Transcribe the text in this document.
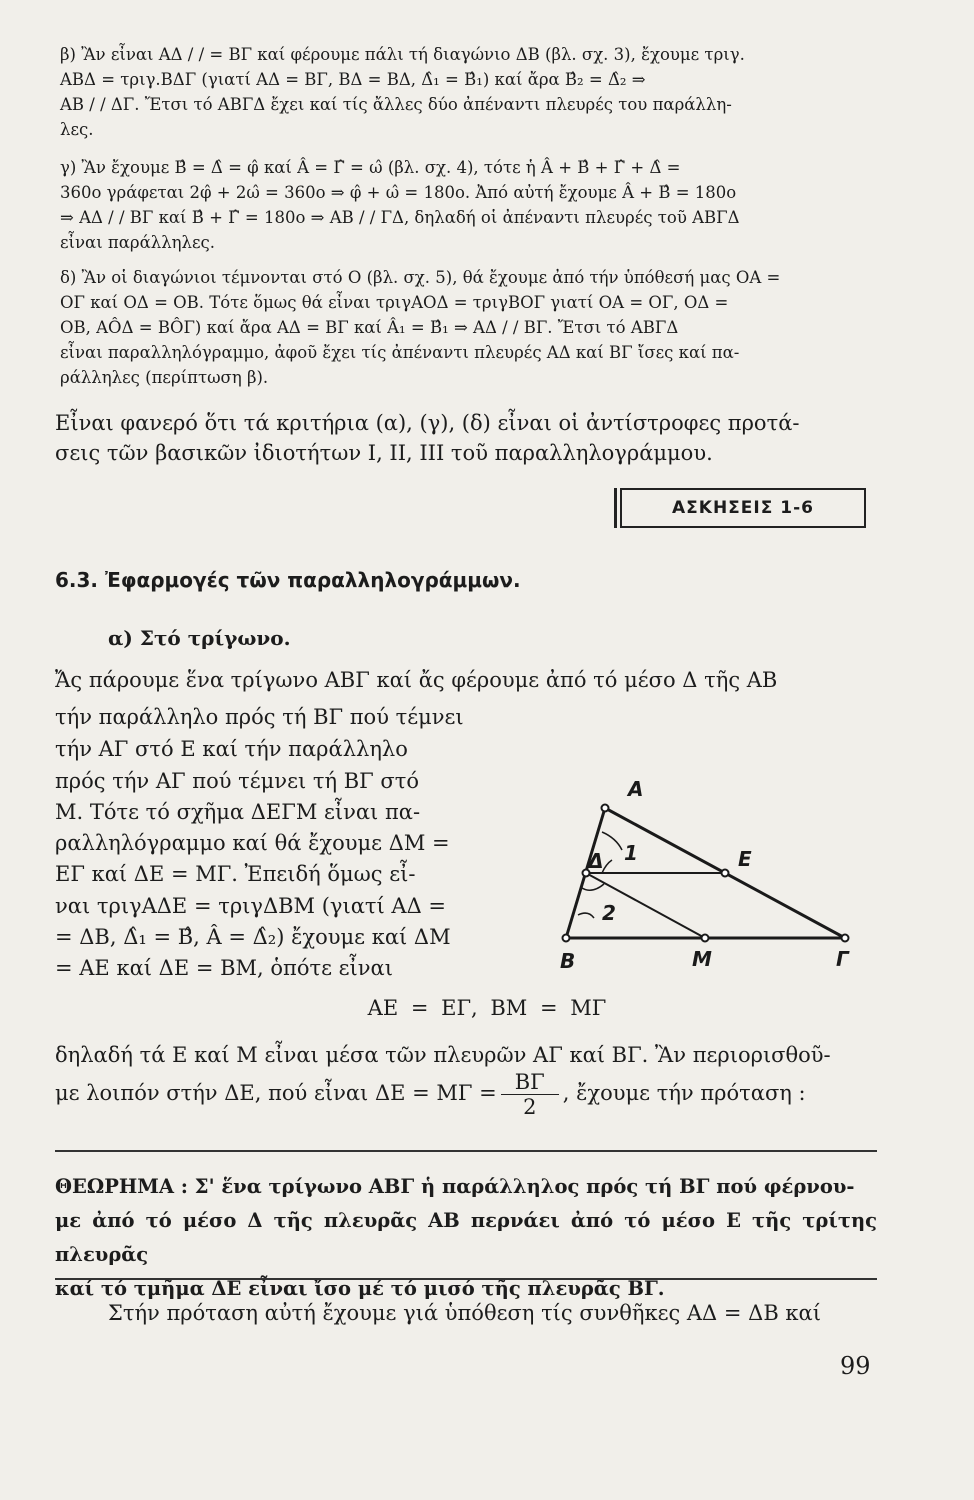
β) Ἂν εἶναι ΑΔ / / = ΒΓ καί φέρουμε πάλι τή διαγώνιο ΔΒ (βλ. σχ. 3), ἔχουμε τριγ.
ΑΒΔ = τριγ.ΒΔΓ (γιατί ΑΔ = ΒΓ, ΒΔ = ΒΔ, Δ̂₁ = Β̂₁) καί ἄρα Β̂₂ = Δ̂₂ ⇒
ΑΒ / / ΔΓ. Ἔτσι τό ΑΒΓΔ ἔχει καί τίς ἄλλες δύο ἀπέναντι πλευρές του παράλλη-
λες.
γ) Ἂν ἔχουμε Β̂ = Δ̂ = φ̂ καί Â = Γ̂ = ω̂ (βλ. σχ. 4), τότε ἡ Â + Β̂ + Γ̂ + Δ̂ =
360ο γράφεται 2φ̂ + 2ω̂ = 360ο ⇒ φ̂ + ω̂ = 180ο. Ἀπό αὐτή ἔχουμε Â + Β̂ = 180ο
⇒ ΑΔ / / ΒΓ καί Β̂ + Γ̂ = 180ο ⇒ ΑΒ / / ΓΔ, δηλαδή οἱ ἀπέναντι πλευρές τοῦ ΑΒΓΔ
εἶναι παράλληλες.
δ) Ἂν οἱ διαγώνιοι τέμνονται στό Ο (βλ. σχ. 5), θά ἔχουμε ἀπό τήν ὑπόθεσή μας ΟΑ =
ΟΓ καί ΟΔ = ΟΒ. Τότε ὅμως θά εἶναι τριγΑΟΔ = τριγΒΟΓ γιατί ΟΑ = ΟΓ, ΟΔ =
ΟΒ, ΑÔΔ = ΒÔΓ) καί ἄρα ΑΔ = ΒΓ καί Â₁ = Β̂₁ ⇒ ΑΔ / / ΒΓ. Ἔτσι τό ΑΒΓΔ
εἶναι παραλληλόγραμμο, ἀφοῦ ἔχει τίς ἀπέναντι πλευρές ΑΔ καί ΒΓ ἴσες καί πα-
ράλληλες (περίπτωση β).
Εἶναι φανερό ὅτι τά κριτήρια (α), (γ), (δ) εἶναι οἱ ἀντίστροφες προτά-
σεις τῶν βασικῶν ἰδιοτήτων Ι, ΙΙ, ΙΙΙ τοῦ παραλληλογράμμου.
ΑΣΚΗΣΕΙΣ 1-6
6.3. Ἐφαρμογές τῶν παραλληλογράμμων.
α) Στό τρίγωνο.
Ἄς πάρουμε ἕνα τρίγωνο ΑΒΓ καί ἄς φέρουμε ἀπό τό μέσο Δ τῆς ΑΒ
τήν παράλληλο πρός τή ΒΓ πού τέμνει
τήν ΑΓ στό Ε καί τήν παράλληλο
πρός τήν ΑΓ πού τέμνει τή ΒΓ στό
Μ. Τότε τό σχῆμα ΔΕΓΜ εἶναι πα-
ραλληλόγραμμο καί θά ἔχουμε ΔΜ =
ΕΓ καί ΔΕ = ΜΓ. Ἐπειδή ὅμως εἶ-
ναι τριγΑΔΕ = τριγΔΒΜ (γιατί ΑΔ =
= ΔΒ, Δ̂₁ = Β̂, Â = Δ̂₂) ἔχουμε καί ΔΜ
= ΑΕ καί ΔΕ = ΒΜ, ὁπότε εἶναι
ΑΕ = ΕΓ, ΒΜ = ΜΓ
δηλαδή τά Ε καί Μ εἶναι μέσα τῶν πλευρῶν ΑΓ καί ΒΓ. Ἂν περιορισθοῦ-
με λοιπόν στήν ΔΕ, πού εἶναι $\Delta E = M\Gamma = \frac{B\Gamma}{2}$ , ἔχουμε τήν πρόταση :
ΘΕΩΡΗΜΑ : Σ' ἕνα τρίγωνο ΑΒΓ ἡ παράλληλος πρός τή ΒΓ πού φέρνου-
με ἀπό τό μέσο Δ τῆς πλευρᾶς ΑΒ περνάει ἀπό τό μέσο Ε τῆς τρίτης πλευρᾶς
καί τό τμῆμα ΔΕ εἶναι ἴσο μέ τό μισό τῆς πλευρᾶς ΒΓ.
Στήν πρόταση αὐτή ἔχουμε γιά ὑπόθεση τίς συνθῆκες ΑΔ = ΔΒ καί
99
Α
Δ	Ε
Β	Μ	Γ
1
2
